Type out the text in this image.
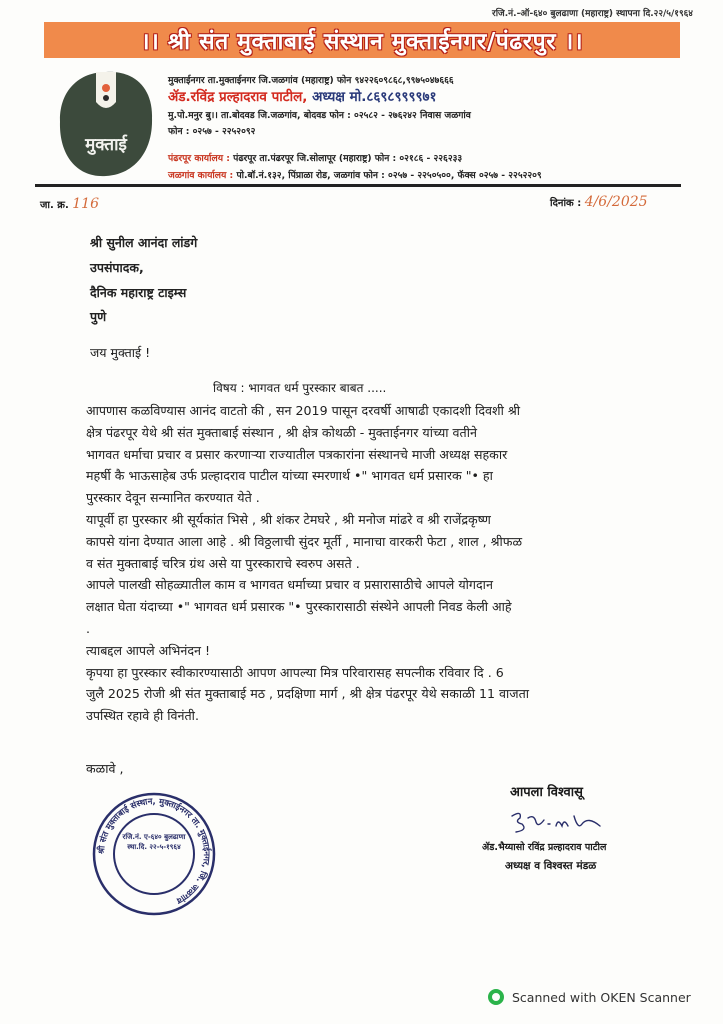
रजि.नं.-ऑ-६४० बुलढाणा (महाराष्ट्र) स्थापना दि.२२/५/१९६४
।। श्री संत मुक्ताबाई संस्थान मुक्ताईनगर/पंढरपुर ।।
मुक्ताई
मुक्ताईनगर ता.मुक्ताईनगर जि.जळगांव (महाराष्ट्र) फोन ९४२२६०९८६८,९९७५०४७६६६
ॲड.रविंद्र प्रल्हादराव पाटील, अध्यक्ष मो.८६९८९९९९७१
मु.पो.मनुर बु।। ता.बोदवड जि.जळगांव, बोदवड फोन : ०२५८२ - २७६२४२ निवास जळगांव
फोन : ०२५७ - २२५२०९२
पंढरपूर कार्यालय : पंढरपूर ता.पंढरपूर जि.सोलापूर (महाराष्ट्र) फोन : ०२१८६ - २२६२३३
जळगांव कार्यालय : पो.बॉ.नं.१३२, पिंप्राळा रोड, जळगांव फोन : ०२५७ - २२५०५००, फॅक्स ०२५७ - २२५२२०९
जा. क्र. 116	दिनांक : 4/6/2025
श्री सुनील आनंदा लांडगे
उपसंपादक,
दैनिक महाराष्ट्र टाइम्स
पुणे
जय मुक्ताई !
विषय : भागवत धर्म पुरस्कार बाबत .....

आपणास कळविण्यास आनंद वाटतो की , सन 2019 पासून दरवर्षी आषाढी एकादशी दिवशी श्री

क्षेत्र पंढरपूर येथे श्री संत मुक्ताबाई संस्थान , श्री क्षेत्र कोथळी - मुक्ताईनगर यांच्या वतीने

भागवत धर्माचा प्रचार व प्रसार करणाऱ्या राज्यातील पत्रकारांना संस्थानचे माजी अध्यक्ष सहकार

महर्षी कै भाऊसाहेब उर्फ प्रल्हादराव पाटील यांच्या स्मरणार्थ •" भागवत धर्म प्रसारक "• हा

पुरस्कार देवून सन्मानित करण्यात येते .

यापूर्वी हा पुरस्कार श्री सूर्यकांत भिसे , श्री शंकर टेमघरे , श्री मनोज मांढरे व श्री राजेंद्रकृष्ण

कापसे यांना देण्यात आला आहे . श्री विठ्ठलाची सुंदर मूर्ती , मानाचा वारकरी फेटा , शाल , श्रीफळ

व संत मुक्ताबाई चरित्र ग्रंथ असे या पुरस्काराचे स्वरुप असते .

आपले पालखी सोहळ्यातील काम व भागवत धर्माच्या प्रचार व प्रसारासाठीचे आपले योगदान

लक्षात घेता यंदाच्या •" भागवत धर्म प्रसारक "• पुरस्कारासाठी संस्थेने आपली निवड केली आहे

.

त्याबद्दल आपले अभिनंदन !

कृपया हा पुरस्कार स्वीकारण्यासाठी आपण आपल्या मित्र परिवारासह सपत्नीक रविवार दि . 6

जुलै 2025 रोजी श्री संत मुक्ताबाई मठ , प्रदक्षिणा मार्ग , श्री क्षेत्र पंढरपूर येथे सकाळी 11 वाजता

उपस्थित रहावे ही विनंती.

कळावे ,
आपला विश्वासू
ॲड.भैय्यासो रविंद्र प्रल्हादराव पाटील
अध्यक्ष व विश्वस्त मंडळ
श्री संत मुक्ताबाई संस्थान, मुक्ताईनगर ता. मुक्ताईनगर, जि. जळगांव
रजि.नं. ए-६४० बुलढाणा स्था.दि. २२-५-१९६४
Scanned with OKEN Scanner
